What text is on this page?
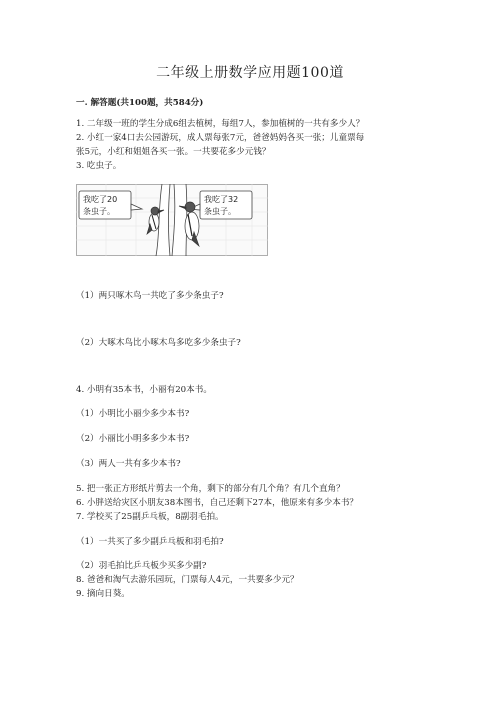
二年级上册数学应用题100道
一. 解答题(共100题，共584分)
1. 二年级一班的学生分成6组去植树，每组7人，参加植树的一共有多少人？
2. 小红一家4口去公园游玩，成人票每张7元，爸爸妈妈各买一张；儿童票每
张5元，小红和姐姐各买一张。一共要花多少元钱？
3. 吃虫子。
我吃了20
条虫子。
我吃了32
条虫子。
（1）两只啄木鸟一共吃了多少条虫子?
（2）大啄木鸟比小啄木鸟多吃多少条虫子?
4. 小明有35本书，小丽有20本书。
（1）小明比小丽少多少本书?
（2）小丽比小明多多少本书?
（3）两人一共有多少本书?
5. 把一张正方形纸片剪去一个角，剩下的部分有几个角？有几个直角？
6. 小胖送给灾区小朋友38本图书，自己还剩下27本，他原来有多少本书？
7. 学校买了25副乒乓板，8副羽毛拍。
（1）一共买了多少副乒乓板和羽毛拍?
（2）羽毛拍比乒乓板少买多少副?
8. 爸爸和淘气去游乐园玩，门票每人4元，一共要多少元？
9. 摘向日葵。
